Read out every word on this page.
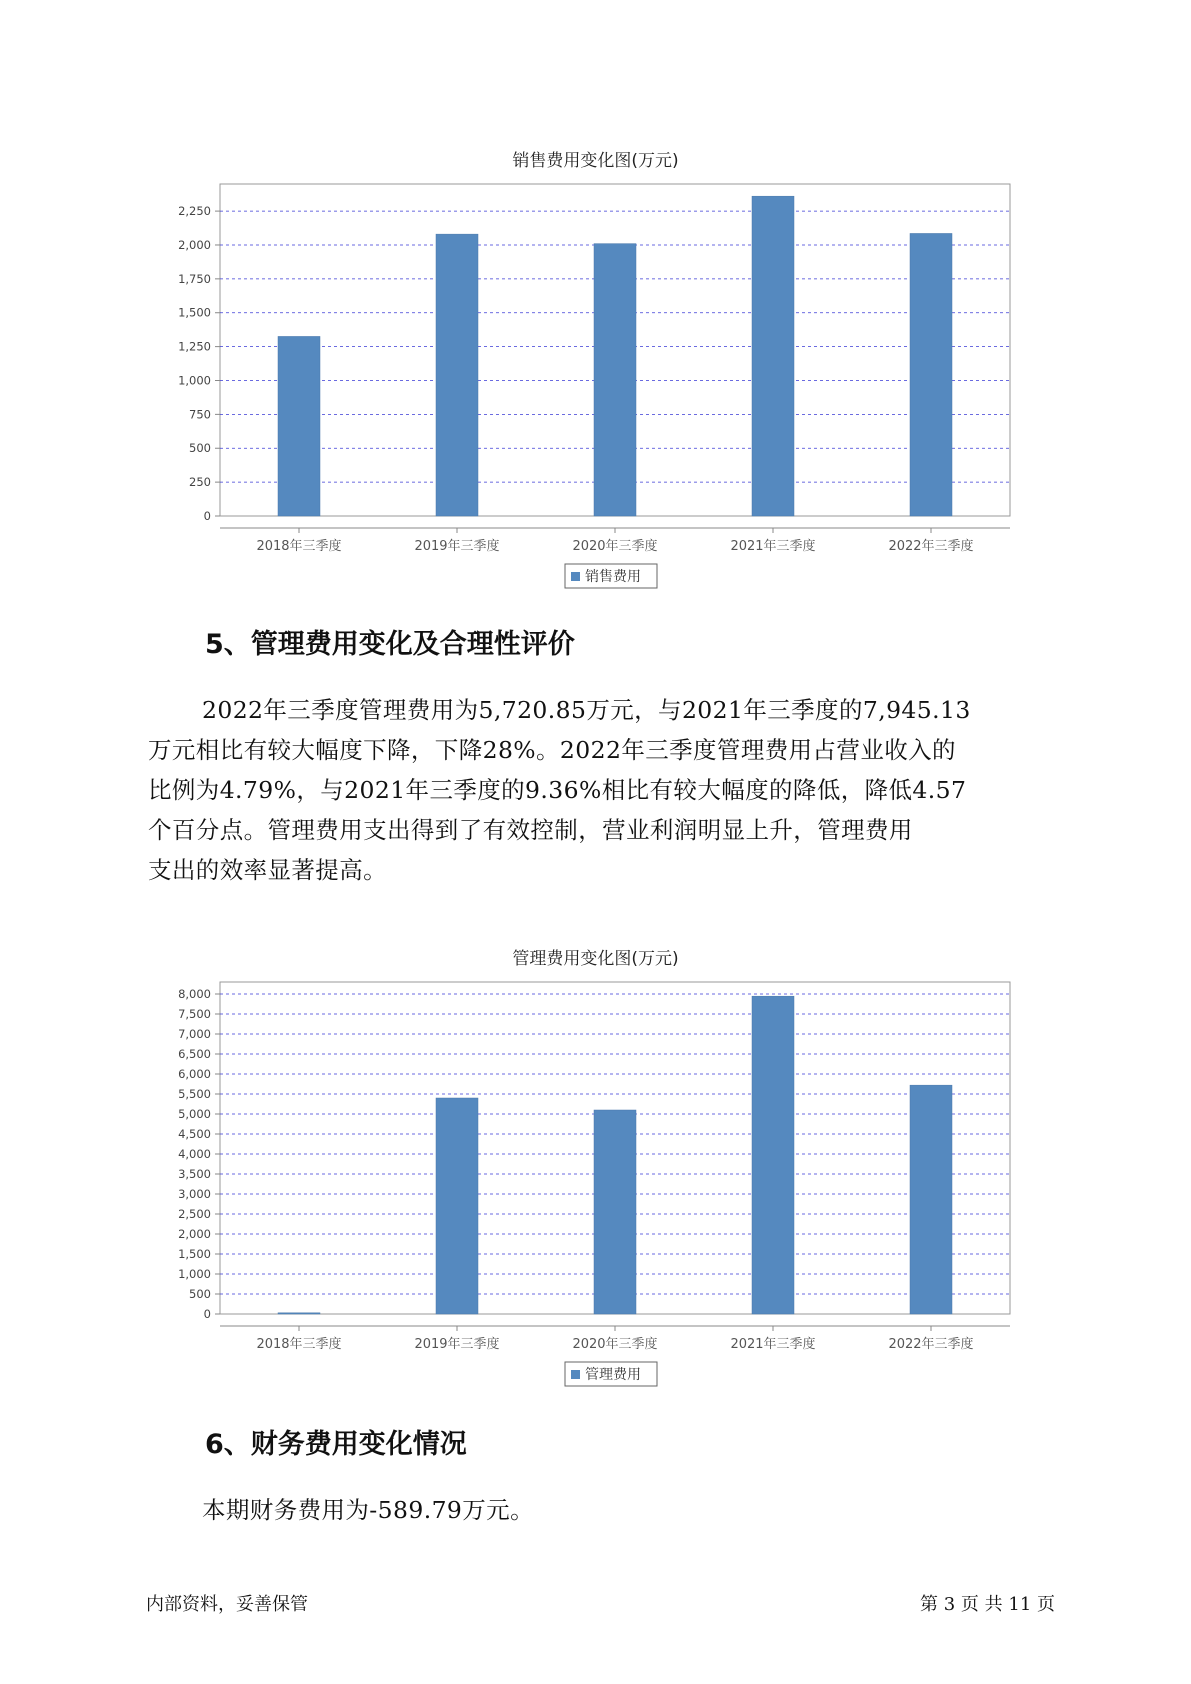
销售费用变化图(万元)
0
250
500
750
1,000
1,250
1,500
1,750
2,000
2,250
2018年三季度	2019年三季度	2020年三季度	2021年三季度	2022年三季度
销售费用
5、管理费用变化及合理性评价
2022年三季度管理费用为5,720.85万元，与2021年三季度的7,945.13
万元相比有较大幅度下降，下降28%。2022年三季度管理费用占营业收入的
比例为4.79%，与2021年三季度的9.36%相比有较大幅度的降低，降低4.57
个百分点。管理费用支出得到了有效控制，营业利润明显上升，管理费用
支出的效率显著提高。
管理费用变化图(万元)
0
500
1,000
1,500
2,000
2,500
3,000
3,500
4,000
4,500
5,000
5,500
6,000
6,500
7,000
7,500
8,000
2018年三季度	2019年三季度	2020年三季度	2021年三季度	2022年三季度
管理费用
6、财务费用变化情况
本期财务费用为-589.79万元。
内部资料，妥善保管	第 3 页 共 11 页
